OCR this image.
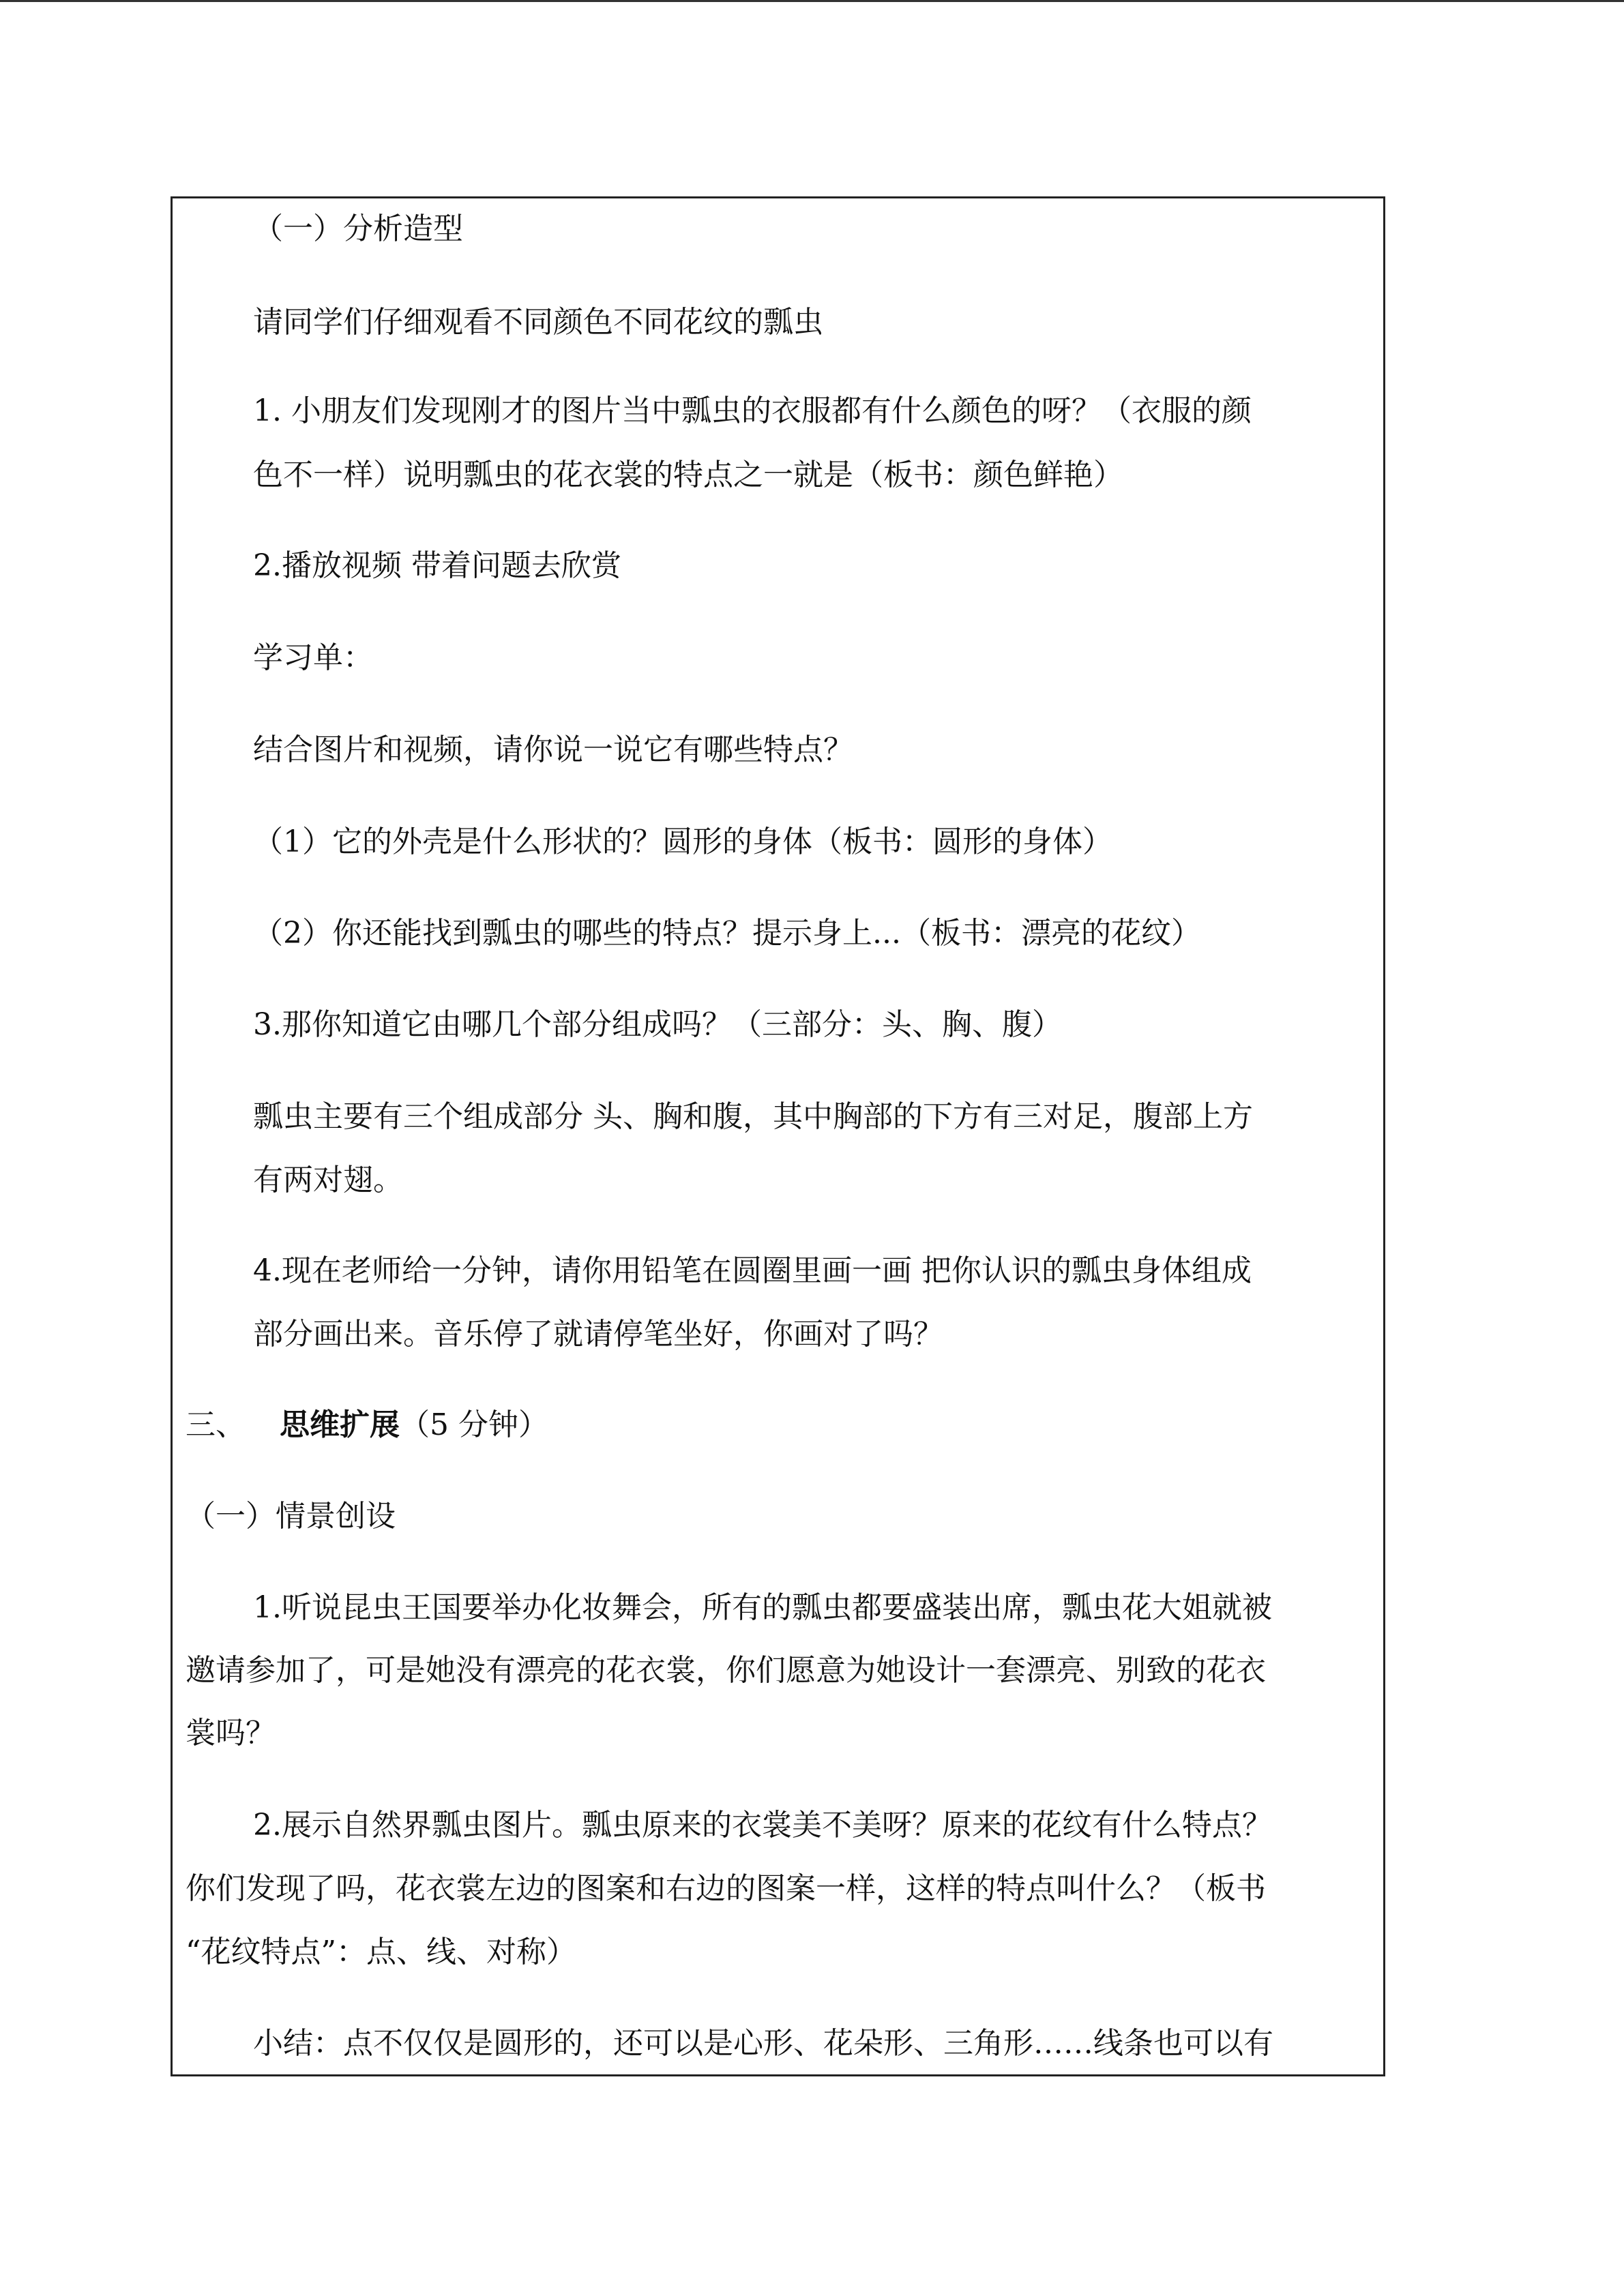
（一）分析造型
请同学们仔细观看不同颜色不同花纹的瓢虫
1. 小朋友们发现刚才的图片当中瓢虫的衣服都有什么颜色的呀？（衣服的颜
色不一样）说明瓢虫的花衣裳的特点之一就是（板书：颜色鲜艳）
2.播放视频 带着问题去欣赏
学习单：
结合图片和视频，请你说一说它有哪些特点？
（1）它的外壳是什么形状的？圆形的身体（板书：圆形的身体）
（2）你还能找到瓢虫的哪些的特点？提示身上...（板书：漂亮的花纹）
3.那你知道它由哪几个部分组成吗？（三部分：头、胸、腹）
瓢虫主要有三个组成部分 头、胸和腹，其中胸部的下方有三对足，腹部上方
有两对翅。
4.现在老师给一分钟，请你用铅笔在圆圈里画一画 把你认识的瓢虫身体组成
部分画出来。音乐停了就请停笔坐好，你画对了吗？
三、 思维扩展（5 分钟）
（一）情景创设
1.听说昆虫王国要举办化妆舞会，所有的瓢虫都要盛装出席，瓢虫花大姐就被
邀请参加了，可是她没有漂亮的花衣裳，你们愿意为她设计一套漂亮、别致的花衣
裳吗？
2.展示自然界瓢虫图片。瓢虫原来的衣裳美不美呀？原来的花纹有什么特点？
你们发现了吗，花衣裳左边的图案和右边的图案一样，这样的特点叫什么？（板书
“花纹特点”：点、线、对称）
小结：点不仅仅是圆形的，还可以是心形、花朵形、三角形……线条也可以有
